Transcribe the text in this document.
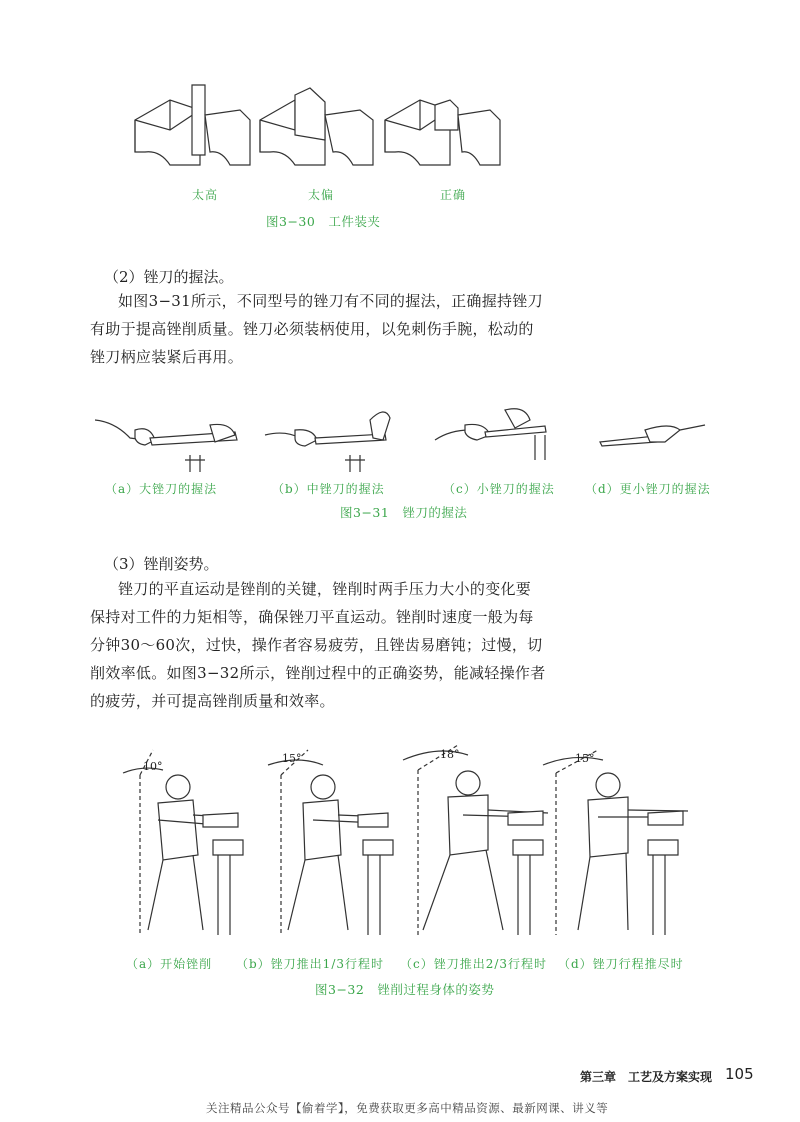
太高	太偏	正确
图3−30　工件装夹
（2）锉刀的握法。
如图3−31所示，不同型号的锉刀有不同的握法，正确握持锉刀
有助于提高锉削质量。锉刀必须装柄使用，以免刺伤手腕，松动的
锉刀柄应装紧后再用。
（a）大锉刀的握法	（b）中锉刀的握法	（c）小锉刀的握法	（d）更小锉刀的握法
图3−31　锉刀的握法
（3）锉削姿势。
锉刀的平直运动是锉削的关键，锉削时两手压力大小的变化要
保持对工件的力矩相等，确保锉刀平直运动。锉削时速度一般为每
分钟30～60次，过快，操作者容易疲劳，且锉齿易磨钝；过慢，切
削效率低。如图3−32所示，锉削过程中的正确姿势，能减轻操作者
的疲劳，并可提高锉削质量和效率。
10°
15°	18°	15°
（a）开始锉削 （b）锉刀推出1/3行程时 （c）锉刀推出2/3行程时 （d）锉刀行程推尽时
图3−32　锉削过程身体的姿势
第三章　工艺及方案实现 105
关注精品公众号【偷着学】，免费获取更多高中精品资源、最新网课、讲义等
